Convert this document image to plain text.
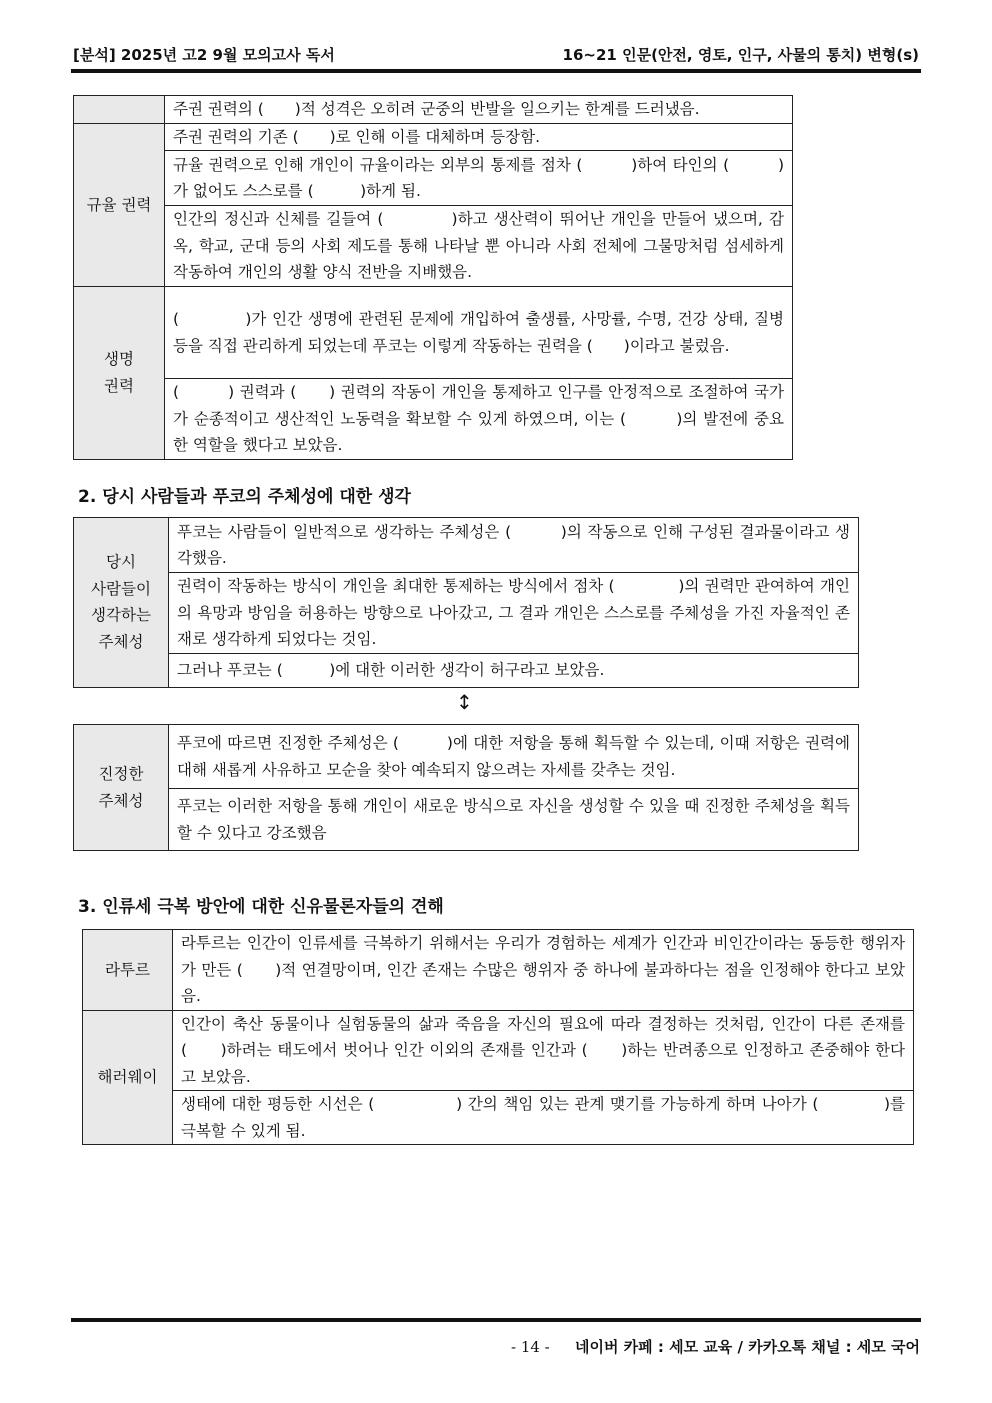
[분석] 2025년 고2 9월 모의고사 독서	16~21 인문(안전, 영토, 인구, 사물의 통치) 변형(s)
	주권 권력의 (　　)적 성격은 오히려 군중의 반발을 일으키는 한계를 드러냈음.
규율 권력	주권 권력의 기존 (　　)로 인해 이를 대체하며 등장함.
	규율 권력으로 인해 개인이 규율이라는 외부의 통제를 점차 (　　　)하여 타인의 (　　　)가 없어도 스스로를 (　　　)하게 됨.
	인간의 정신과 신체를 길들여 (　　　　)하고 생산력이 뛰어난 개인을 만들어 냈으며, 감옥, 학교, 군대 등의 사회 제도를 통해 나타날 뿐 아니라 사회 전체에 그물망처럼 섬세하게 작동하여 개인의 생활 양식 전반을 지배했음.
생명
권력	(　　　　)가 인간 생명에 관련된 문제에 개입하여 출생률, 사망률, 수명, 건강 상태, 질병 등을 직접 관리하게 되었는데 푸코는 이렇게 작동하는 권력을 (　　)이라고 불렀음.
	(　　　) 권력과 (　　) 권력의 작동이 개인을 통제하고 인구를 안정적으로 조절하여 국가가 순종적이고 생산적인 노동력을 확보할 수 있게 하였으며, 이는 (　　　)의 발전에 중요한 역할을 했다고 보았음.
2. 당시 사람들과 푸코의 주체성에 대한 생각
당시
사람들이
생각하는
주체성	푸코는 사람들이 일반적으로 생각하는 주체성은 (　　　)의 작동으로 인해 구성된 결과물이라고 생각했음.
권력이 작동하는 방식이 개인을 최대한 통제하는 방식에서 점차 (　　　　)의 권력만 관여하여 개인의 욕망과 방임을 허용하는 방향으로 나아갔고, 그 결과 개인은 스스로를 주체성을 가진 자율적인 존재로 생각하게 되었다는 것임.
그러나 푸코는 (　　　)에 대한 이러한 생각이 허구라고 보았음.
↕
진정한
주체성	푸코에 따르면 진정한 주체성은 (　　　)에 대한 저항을 통해 획득할 수 있는데, 이때 저항은 권력에 대해 새롭게 사유하고 모순을 찾아 예속되지 않으려는 자세를 갖추는 것임.
푸코는 이러한 저항을 통해 개인이 새로운 방식으로 자신을 생성할 수 있을 때 진정한 주체성을 획득할 수 있다고 강조했음
3. 인류세 극복 방안에 대한 신유물론자들의 견해
라투르	라투르는 인간이 인류세를 극복하기 위해서는 우리가 경험하는 세계가 인간과 비인간이라는 동등한 행위자가 만든 (　　)적 연결망이며, 인간 존재는 수많은 행위자 중 하나에 불과하다는 점을 인정해야 한다고 보았음.
해러웨이	인간이 축산 동물이나 실험동물의 삶과 죽음을 자신의 필요에 따라 결정하는 것처럼, 인간이 다른 존재를 (　　)하려는 태도에서 벗어나 인간 이외의 존재를 인간과 (　　)하는 반려종으로 인정하고 존중해야 한다고 보았음.
	생태에 대한 평등한 시선은 (　　　　　) 간의 책임 있는 관계 맺기를 가능하게 하며 나아가 (　　　　)를 극복할 수 있게 됨.
- 14 - 네이버 카페 : 세모 교육 / 카카오톡 채널 : 세모 국어
